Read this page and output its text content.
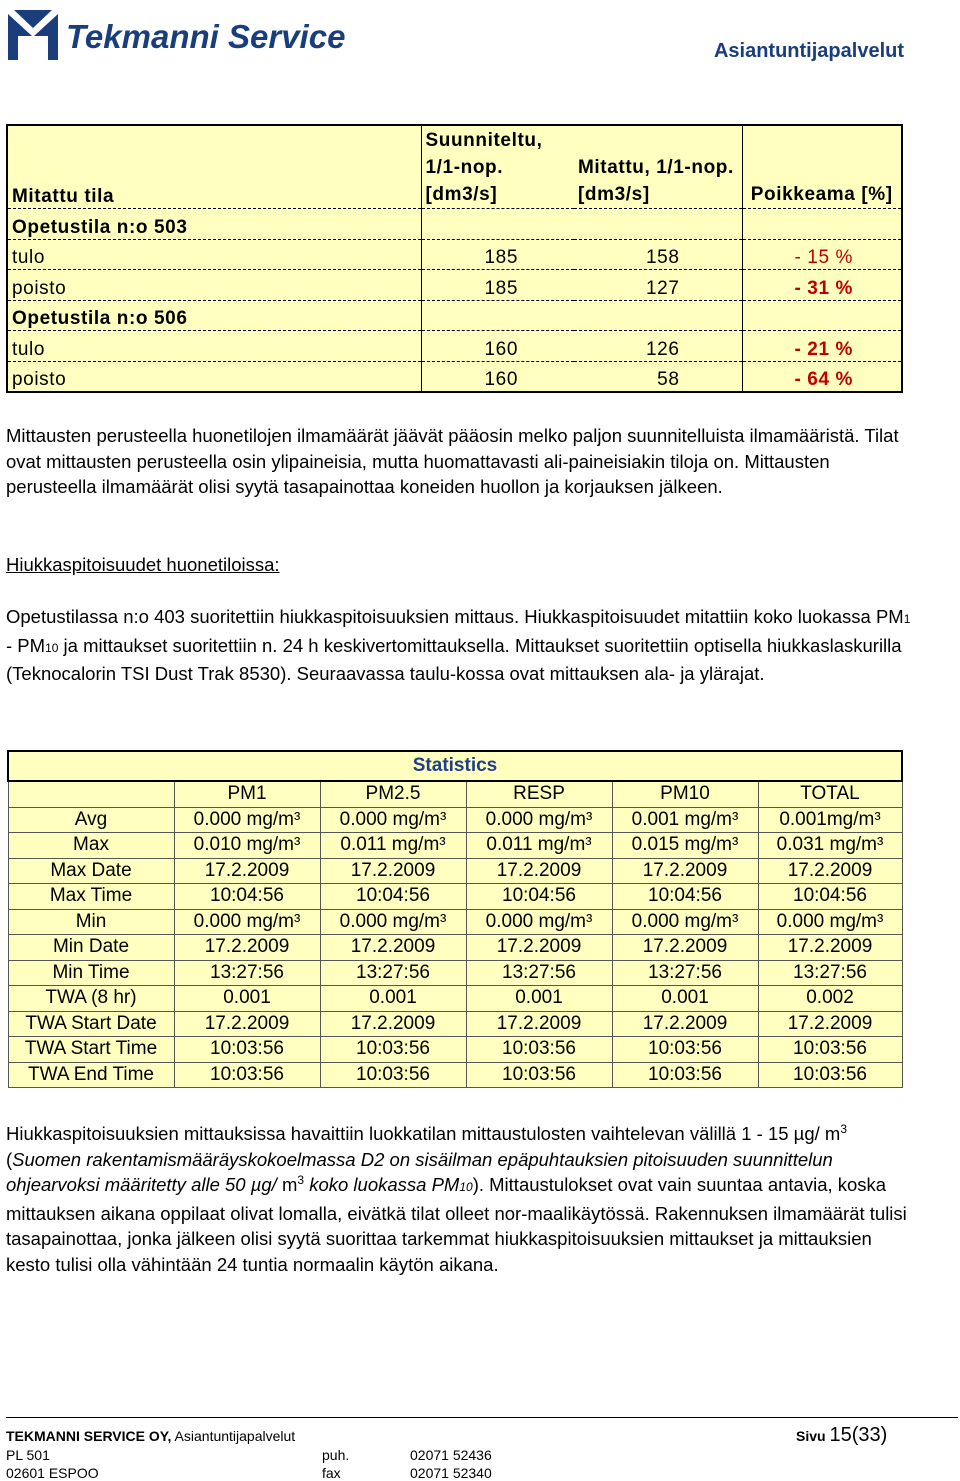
Tekmanni Service	Asiantuntijapalvelut
Mitattu tila	Suunniteltu, 1/1-nop. [dm3/s]	Mitattu, 1/1-nop. [dm3/s]	Poikkeama [%]
Opetustila n:o 503			
tulo	185	158	- 15 %
poisto	185	127	- 31 %
Opetustila n:o 506			
tulo	160	126	- 21 %
poisto	160	58	- 64 %
Mittausten perusteella huonetilojen ilmamäärät jäävät pääosin melko paljon suunnitelluista ilmamääristä. Tilat ovat mittausten perusteella osin ylipaineisia, mutta huomattavasti ali-paineisiakin tiloja on. Mittausten perusteella ilmamäärät olisi syytä tasapainottaa koneiden huollon ja korjauksen jälkeen.
Hiukkaspitoisuudet huonetiloissa:
Opetustilassa n:o 403 suoritettiin hiukkaspitoisuuksien mittaus. Hiukkaspitoisuudet mitattiin koko luokassa PM1 - PM10 ja mittaukset suoritettiin n. 24 h keskivertomittauksella. Mittaukset suoritettiin optisella hiukkaslaskurilla (Teknocalorin TSI Dust Trak 8530). Seuraavassa taulu-kossa ovat mittauksen ala- ja ylärajat.
Statistics					
	PM1	PM2.5	RESP	PM10	TOTAL
Avg	0.000 mg/m³	0.000 mg/m³	0.000 mg/m³	0.001 mg/m³	0.001mg/m³
Max	0.010 mg/m³	0.011 mg/m³	0.011 mg/m³	0.015 mg/m³	0.031 mg/m³
Max Date	17.2.2009	17.2.2009	17.2.2009	17.2.2009	17.2.2009
Max Time	10:04:56	10:04:56	10:04:56	10:04:56	10:04:56
Min	0.000 mg/m³	0.000 mg/m³	0.000 mg/m³	0.000 mg/m³	0.000 mg/m³
Min Date	17.2.2009	17.2.2009	17.2.2009	17.2.2009	17.2.2009
Min Time	13:27:56	13:27:56	13:27:56	13:27:56	13:27:56
TWA (8 hr)	0.001	0.001	0.001	0.001	0.002
TWA Start Date	17.2.2009	17.2.2009	17.2.2009	17.2.2009	17.2.2009
TWA Start Time	10:03:56	10:03:56	10:03:56	10:03:56	10:03:56
TWA End Time	10:03:56	10:03:56	10:03:56	10:03:56	10:03:56
Hiukkaspitoisuuksien mittauksissa havaittiin luokkatilan mittaustulosten vaihtelevan välillä 1 - 15 µg/ $m^3$ (Suomen rakentamismääräyskokoelmassa D2 on sisäilman epäpuhtauksien pitoisuuden suunnittelun ohjearvoksi määritetty alle 50 µg/ $m^3$ koko luokassa PM10). Mittaustulokset ovat vain suuntaa antavia, koska mittauksen aikana oppilaat olivat lomalla, eivätkä tilat olleet nor-maalikäytössä. Rakennuksen ilmamäärät tulisi tasapainottaa, jonka jälkeen olisi syytä suorittaa tarkemmat hiukkaspitoisuuksien mittaukset ja mittauksien kesto tulisi olla vähintään 24 tuntia normaalin käytön aikana.
TEKMANNI SERVICE OY, Asiantuntijapalvelut	Sivu 15(33)
PL 501
02601 ESPOO
puh.	02071 52436
fax	02071 52340
